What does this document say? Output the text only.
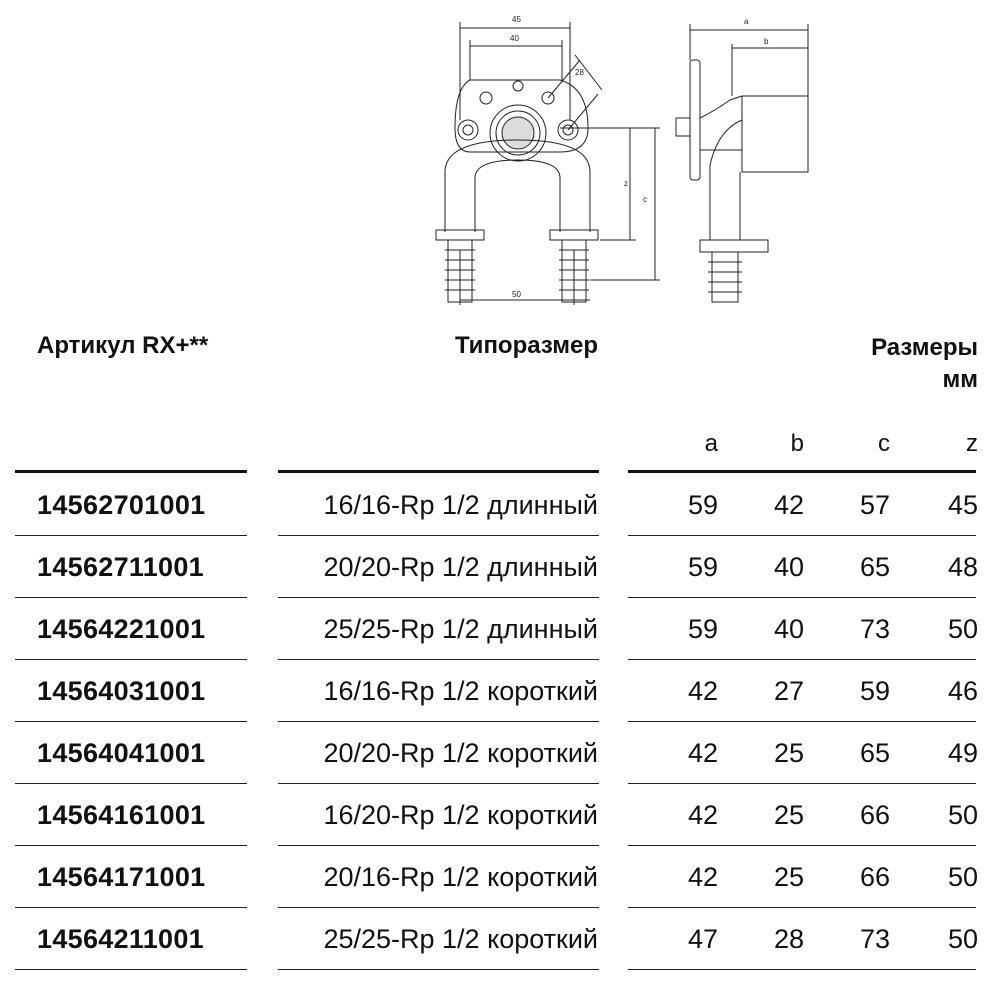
45
40
28
50
z
c
a
b
Артикул RX+**	Типоразмер	Размеры
мм
a	b	c	z
14562701001	16/16-Rp 1/2 длинный	59	42	57	45
14562711001	20/20-Rp 1/2 длинный	59	40	65	48
14564221001	25/25-Rp 1/2 длинный	59	40	73	50
14564031001	16/16-Rp 1/2 короткий	42	27	59	46
14564041001	20/20-Rp 1/2 короткий	42	25	65	49
14564161001	16/20-Rp 1/2 короткий	42	25	66	50
14564171001	20/16-Rp 1/2 короткий	42	25	66	50
14564211001	25/25-Rp 1/2 короткий	47	28	73	50
